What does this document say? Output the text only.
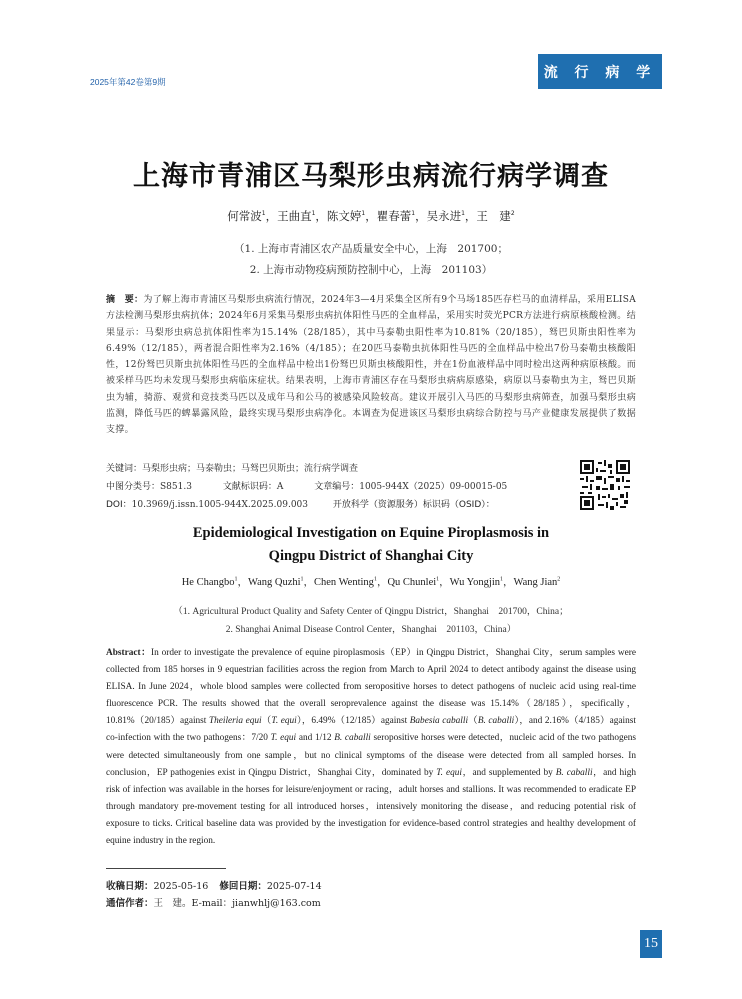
2025年第42卷第9期
流 行 病 学
上海市青浦区马梨形虫病流行病学调查
何常波$^1$，王曲直$^1$，陈文婷$^1$，瞿春蕾$^1$，吴永进$^1$，王　建$^2$
（1. 上海市青浦区农产品质量安全中心，上海　201700；
2. 上海市动物疫病预防控制中心，上海　201103）
摘　要：为了解上海市青浦区马梨形虫病流行情况，2024年3—4月采集全区所有9个马场185匹存栏马的血清样品，采用ELISA方法检测马梨形虫病抗体；2024年6月采集马梨形虫病抗体阳性马匹的全血样品，采用实时荧光PCR方法进行病原核酸检测。结果显示：马梨形虫病总抗体阳性率为15.14%（28/185），其中马泰勒虫阳性率为10.81%（20/185），驽巴贝斯虫阳性率为6.49%（12/185），两者混合阳性率为2.16%（4/185）；在20匹马泰勒虫抗体阳性马匹的全血样品中检出7份马泰勒虫核酸阳性，12份驽巴贝斯虫抗体阳性马匹的全血样品中检出1份驽巴贝斯虫核酸阳性，并在1份血液样品中同时检出这两种病原核酸。而被采样马匹均未发现马梨形虫病临床症状。结果表明，上海市青浦区存在马梨形虫病病原感染，病原以马泰勒虫为主，驽巴贝斯虫为辅，骑游、观赏和竞技类马匹以及成年马和公马的被感染风险较高。建议开展引入马匹的马梨形虫病筛查，加强马梨形虫病监测，降低马匹的蜱暴露风险，最终实现马梨形虫病净化。本调查为促进该区马梨形虫病综合防控与马产业健康发展提供了数据支撑。
关键词：马梨形虫病；马泰勒虫；马驽巴贝斯虫；流行病学调查
中图分类号：S851.3	文献标识码：A	文章编号：1005-944X（2025）09-00015-05
DOI：10.3969/j.issn.1005-944X.2025.09.003	开放科学（资源服务）标识码（OSID）：
Epidemiological Investigation on Equine Piroplasmosis in
Qingpu District of Shanghai City
He Changbo$^1$，Wang Quzhi$^1$，Chen Wenting$^1$，Qu Chunlei$^1$，Wu Yongjin$^1$，Wang Jian$^2$
（1. Agricultural Product Quality and Safety Center of Qingpu District，Shanghai　201700，China；
2. Shanghai Animal Disease Control Center，Shanghai　201103，China）
Abstract：In order to investigate the prevalence of equine piroplasmosis（EP）in Qingpu District，Shanghai City，serum samples were collected from 185 horses in 9 equestrian facilities across the region from March to April 2024 to detect antibody against the disease using ELISA. In June 2024，whole blood samples were collected from seropositive horses to detect pathogens of nucleic acid using real-time fluorescence PCR. The results showed that the overall seroprevalence against the disease was 15.14%（28/185），specifically，10.81%（20/185）against Theileria equi（T. equi），6.49%（12/185）against Babesia caballi（B. caballi），and 2.16%（4/185）against co-infection with the two pathogens：7/20 T. equi and 1/12 B. caballi seropositive horses were detected，nucleic acid of the two pathogens were detected simultaneously from one sample，but no clinical symptoms of the disease were detected from all sampled horses. In conclusion，EP pathogenies exist in Qingpu District，Shanghai City，dominated by T. equi，and supplemented by B. caballi，and high risk of infection was available in the horses for leisure/enjoyment or racing，adult horses and stallions. It was recommended to eradicate EP through mandatory pre-movement testing for all introduced horses，intensively monitoring the disease，and reducing potential risk of exposure to ticks. Critical baseline data was provided by the investigation for evidence-based control strategies and healthy development of equine industry in the region.
收稿日期：2025-05-16 修回日期：2025-07-14
通信作者：王　建。E-mail：jianwhlj@163.com
15
